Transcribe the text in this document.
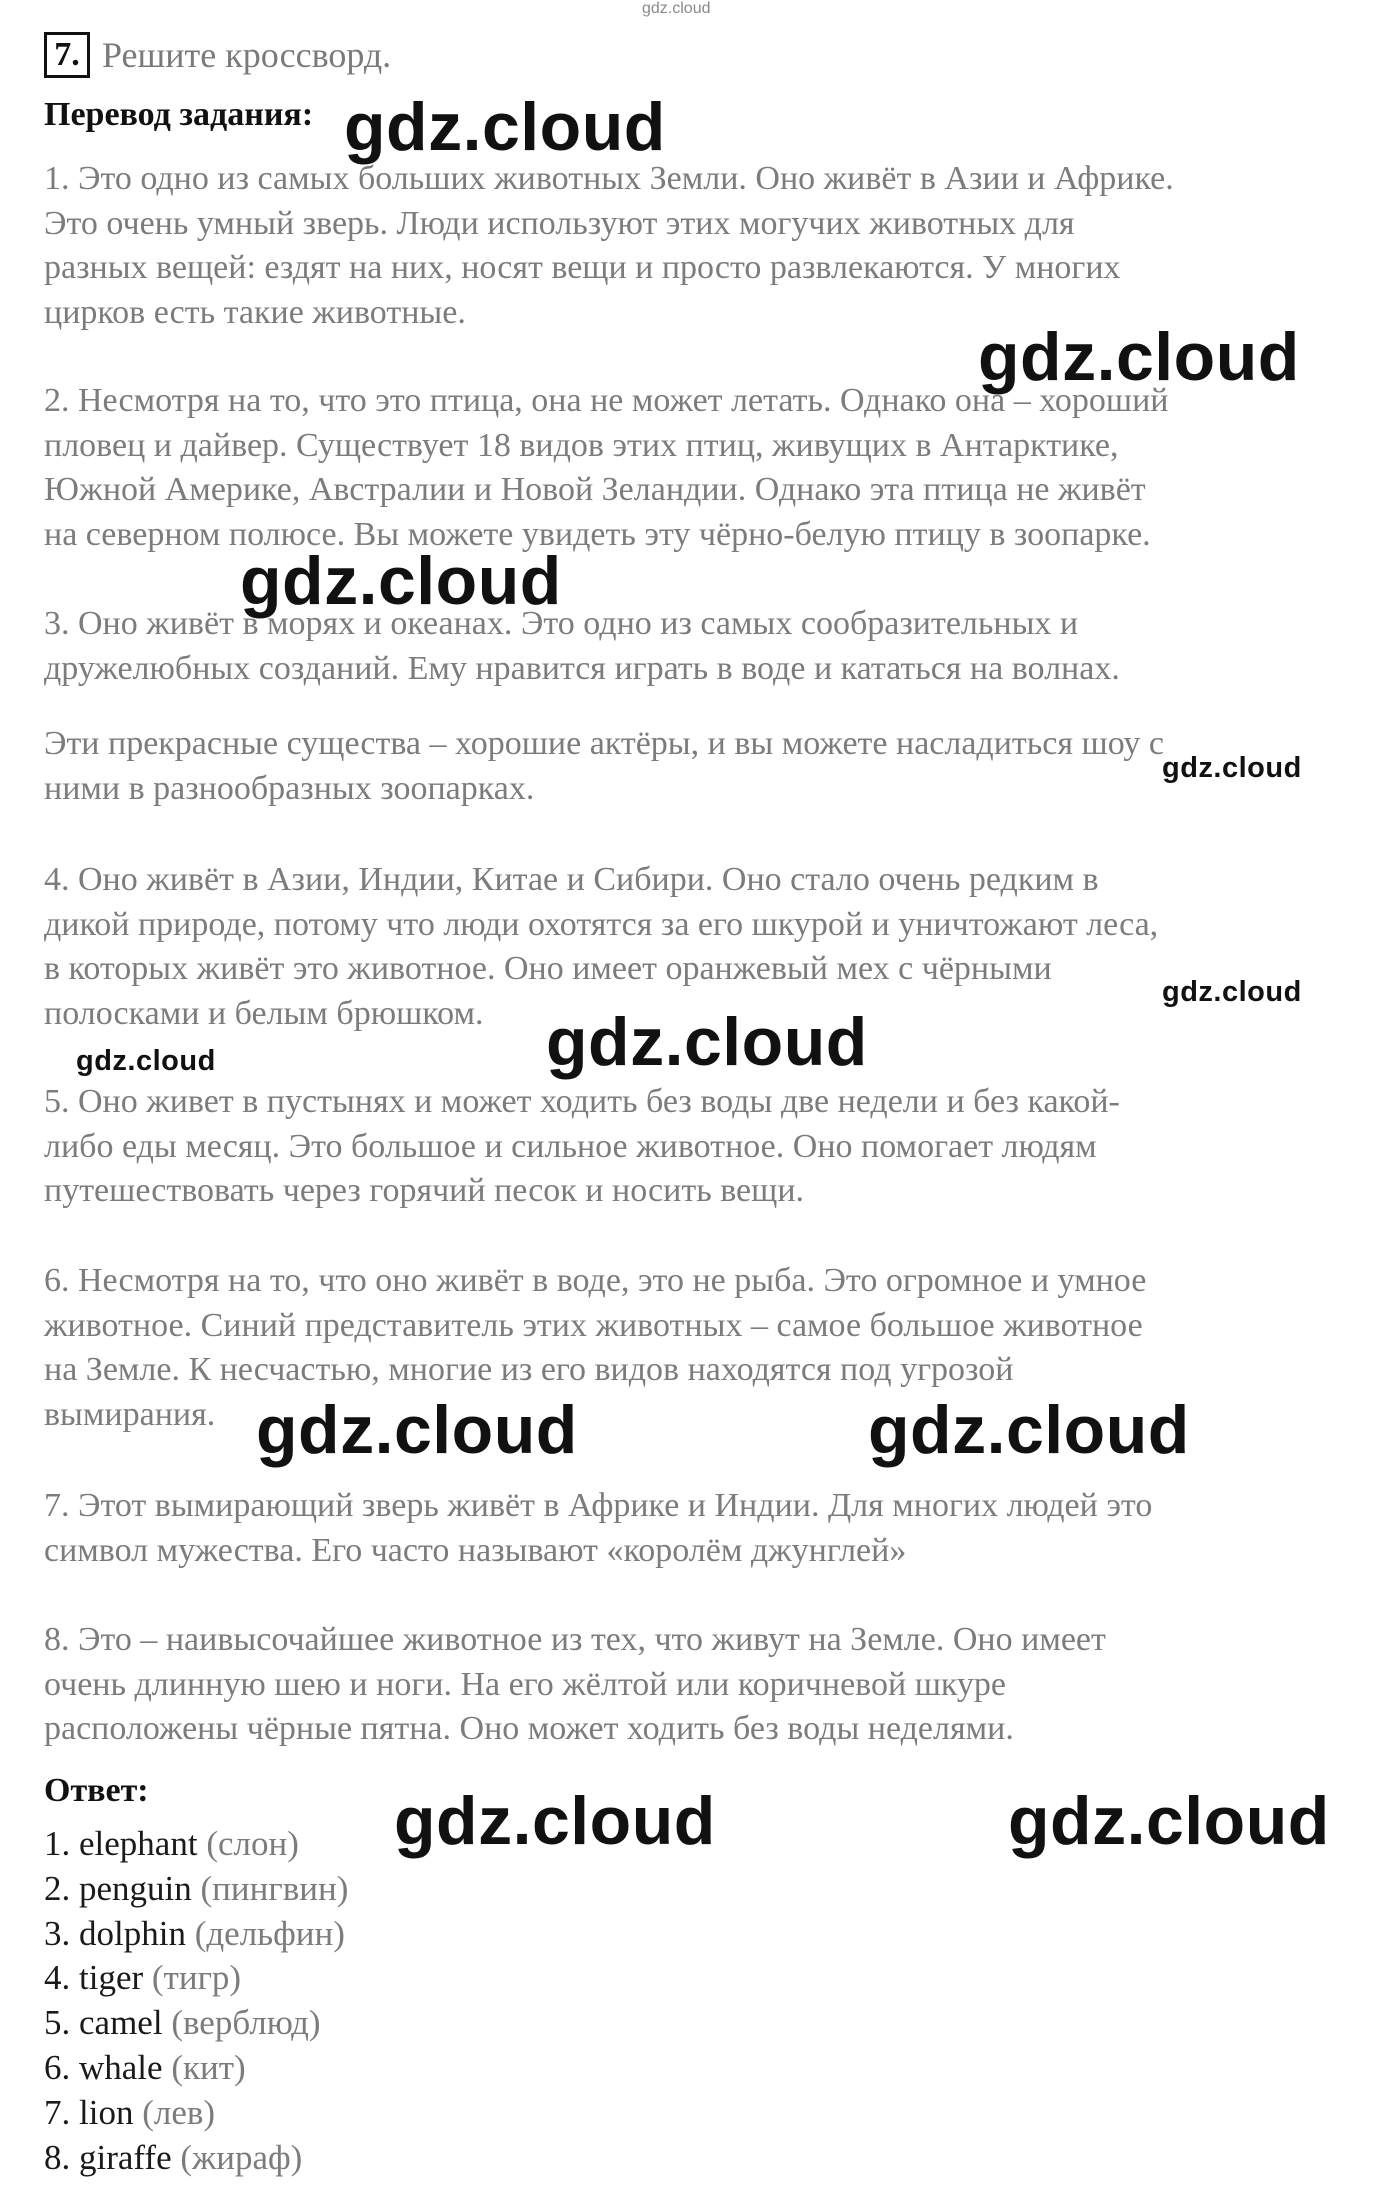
gdz.cloud
7. Решите кроссворд.
Перевод задания:

1. Это одно из самых больших животных Земли. Оно живёт в Азии и Африке.
Это очень умный зверь. Люди используют этих могучих животных для
разных вещей: ездят на них, носят вещи и просто развлекаются. У многих
цирков есть такие животные.

2. Несмотря на то, что это птица, она не может летать. Однако она – хороший
пловец и дайвер. Существует 18 видов этих птиц, живущих в Антарктике,
Южной Америке, Австралии и Новой Зеландии. Однако эта птица не живёт
на северном полюсе. Вы можете увидеть эту чёрно-белую птицу в зоопарке.

3. Оно живёт в морях и океанах. Это одно из самых сообразительных и
дружелюбных созданий. Ему нравится играть в воде и кататься на волнах.

Эти прекрасные существа – хорошие актёры, и вы можете насладиться шоу с
ними в разнообразных зоопарках.

4. Оно живёт в Азии, Индии, Китае и Сибири. Оно стало очень редким в
дикой природе, потому что люди охотятся за его шкурой и уничтожают леса,
в которых живёт это животное. Оно имеет оранжевый мех с чёрными
полосками и белым брюшком.

5. Оно живет в пустынях и может ходить без воды две недели и без какой-
либо еды месяц. Это большое и сильное животное. Оно помогает людям
путешествовать через горячий песок и носить вещи.

6. Несмотря на то, что оно живёт в воде, это не рыба. Это огромное и умное
животное. Синий представитель этих животных – самое большое животное
на Земле. К несчастью, многие из его видов находятся под угрозой
вымирания.

7. Этот вымирающий зверь живёт в Африке и Индии. Для многих людей это
символ мужества. Его часто называют «королём джунглей»

8. Это – наивысочайшее животное из тех, что живут на Земле. Оно имеет
очень длинную шею и ноги. На его жёлтой или коричневой шкуре
расположены чёрные пятна. Оно может ходить без воды неделями.

Ответ:
1. elephant (слон)
2. penguin (пингвин)
3. dolphin (дельфин)
4. tiger (тигр)
5. camel (верблюд)
6. whale (кит)
7. lion (лев)
8. giraffe (жираф)
gdz.cloud
gdz.cloud
gdz.cloud
gdz.cloud
gdz.cloud
gdz.cloud
gdz.cloud
gdz.cloud	gdz.cloud
gdz.cloud	gdz.cloud
